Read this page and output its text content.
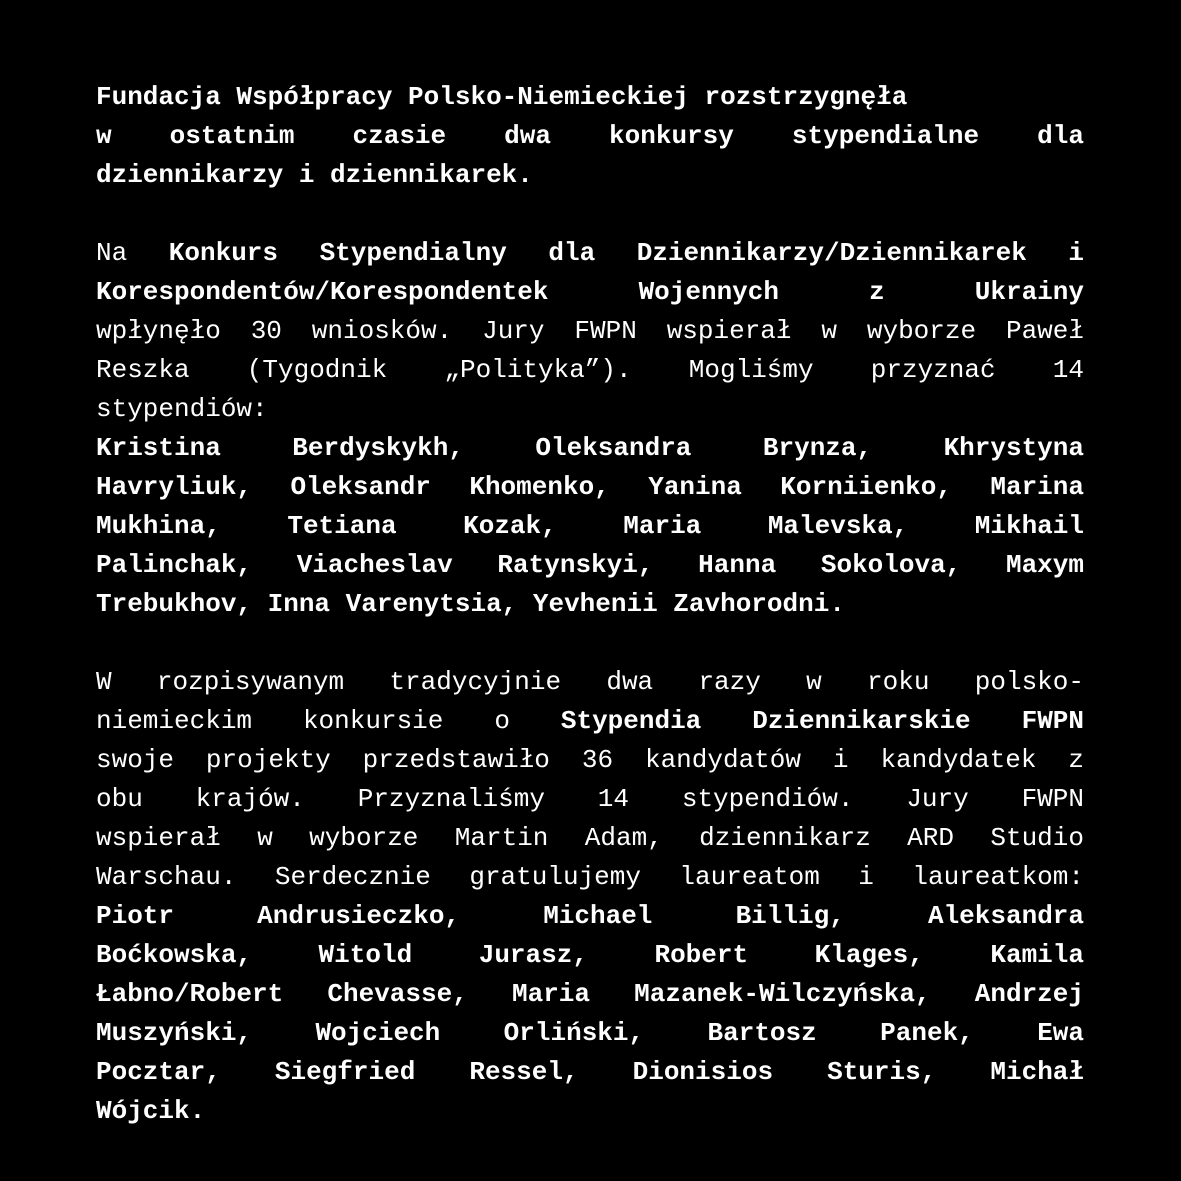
Fundacja Współpracy Polsko-Niemieckiej rozstrzygnęła
w ostatnim czasie dwa konkursy stypendialne dla
dziennikarzy i dziennikarek.
Na Konkurs Stypendialny dla Dziennikarzy/Dziennikarek i
Korespondentów/Korespondentek Wojennych z Ukrainy
wpłynęło 30 wniosków. Jury FWPN wspierał w wyborze Paweł
Reszka (Tygodnik „Polityka”). Mogliśmy przyznać 14
stypendiów:
Kristina Berdyskykh, Oleksandra Brynza, Khrystyna
Havryliuk, Oleksandr Khomenko, Yanina Korniienko, Marina
Mukhina, Tetiana Kozak, Maria Malevska, Mikhail
Palinchak, Viacheslav Ratynskyi, Hanna Sokolova, Maxym
Trebukhov, Inna Varenytsia, Yevhenii Zavhorodni.
W rozpisywanym tradycyjnie dwa razy w roku polsko-
niemieckim konkursie o Stypendia Dziennikarskie FWPN
swoje projekty przedstawiło 36 kandydatów i kandydatek z
obu krajów. Przyznaliśmy 14 stypendiów. Jury FWPN
wspierał w wyborze Martin Adam, dziennikarz ARD Studio
Warschau. Serdecznie gratulujemy laureatom i laureatkom:
Piotr Andrusieczko, Michael Billig, Aleksandra
Boćkowska, Witold Jurasz, Robert Klages, Kamila
Łabno/Robert Chevasse, Maria Mazanek-Wilczyńska, Andrzej
Muszyński, Wojciech Orliński, Bartosz Panek, Ewa
Pocztar, Siegfried Ressel, Dionisios Sturis, Michał
Wójcik.
